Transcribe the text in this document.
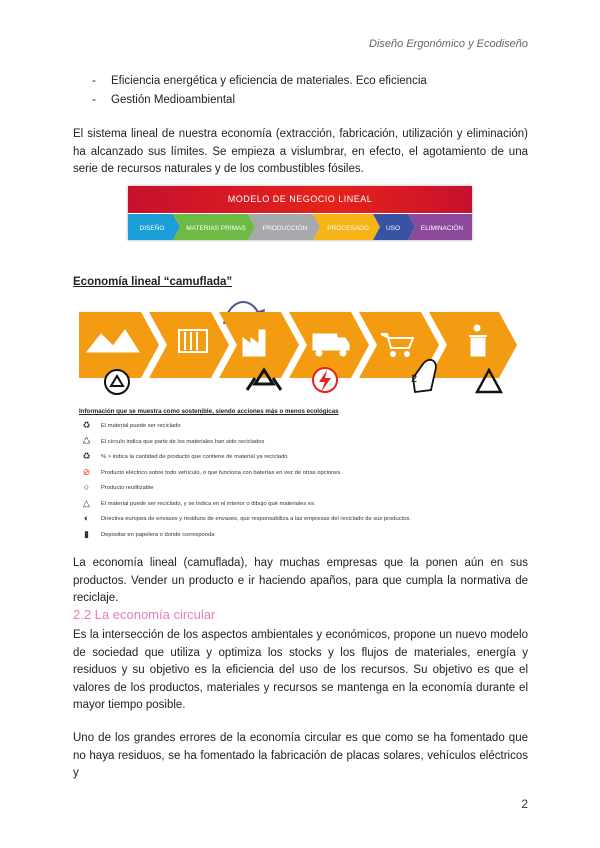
Diseño Ergonómico y Ecodiseño
- Eficiencia energética y eficiencia de materiales. Eco eficiencia
- Gestión Medioambiental
El sistema lineal de nuestra economía (extracción, fabricación, utilización y eliminación) ha alcanzado sus límites. Se empieza a vislumbrar, en efecto, el agotamiento de una serie de recursos naturales y de los combustibles fósiles.
MODELO DE NEGOCIO LINEAL
DISEÑO	MATERIAS PRIMAS	PRODUCCIÓN	PROCESADO	USO	ELIMINACIÓN
Economía lineal “camuflada”
2
Información que se muestra como sostenible, siendo acciones más o menos ecológicas
♻ El material puede ser reciclado
♺ El círculo indica que parte de los materiales han sido reciclados
♻ % > indica la cantidad de producto que contiene de material ya reciclado
⊘ Producto eléctrico sobre todo vehículo, o que funciona con baterías en vez de otras opciones.
○	Producto reutilizable
△ El material puede ser reciclado, y se indica en el interior o dibujo qué materiales es.
◐	Directiva europea de envases y residuos de envases, que responsabiliza a las empresas del reciclado de sus productos.
▮	Depositar en papelera o donde corresponda
La economía lineal (camuflada), hay muchas empresas que la ponen aún en sus productos. Vender un producto e ir haciendo apaños, para que cumpla la normativa de reciclaje.
2.2 La economía circular
Es la intersección de los aspectos ambientales y económicos, propone un nuevo modelo de sociedad que utiliza y optimiza los stocks y los flujos de materiales, energía y residuos y su objetivo es la eficiencia del uso de los recursos. Su objetivo es que el valores de los productos, materiales y recursos se mantenga en la economía durante el mayor tiempo posible.
Uno de los grandes errores de la economía circular es que como se ha fomentado que no haya residuos, se ha fomentado la fabricación de placas solares, vehículos eléctricos y
2
